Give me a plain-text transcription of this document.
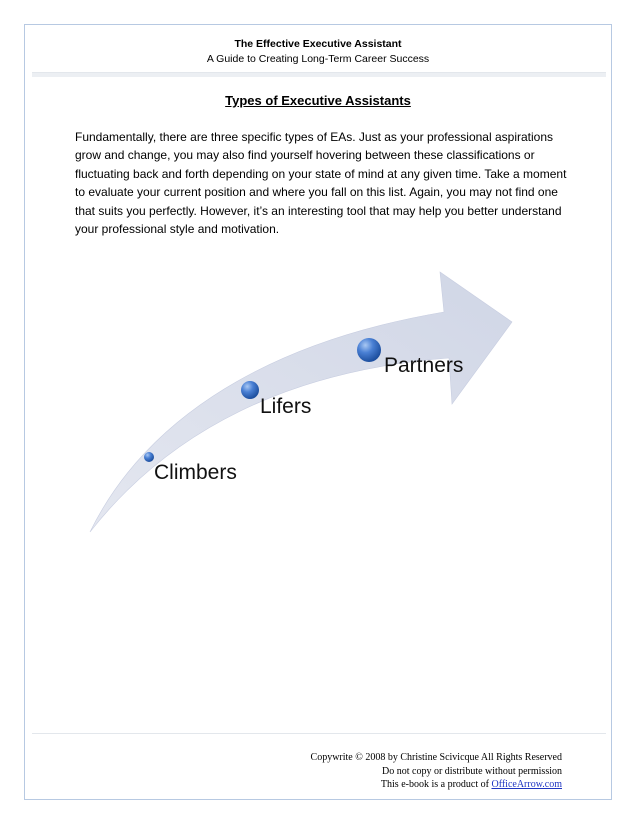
The Effective Executive Assistant
A Guide to Creating Long-Term Career Success
Types of Executive Assistants
Fundamentally, there are three specific types of EAs. Just as your professional aspirations grow and change, you may also find yourself hovering between these classifications or fluctuating back and forth depending on your state of mind at any given time. Take a moment to evaluate your current position and where you fall on this list. Again, you may not find one that suits you perfectly. However, it’s an interesting tool that may help you better understand your professional style and motivation.
Climbers
Lifers
Partners
Copywrite © 2008 by Christine Scivicque All Rights Reserved
Do not copy or distribute without permission
This e-book is a product of OfficeArrow.com
